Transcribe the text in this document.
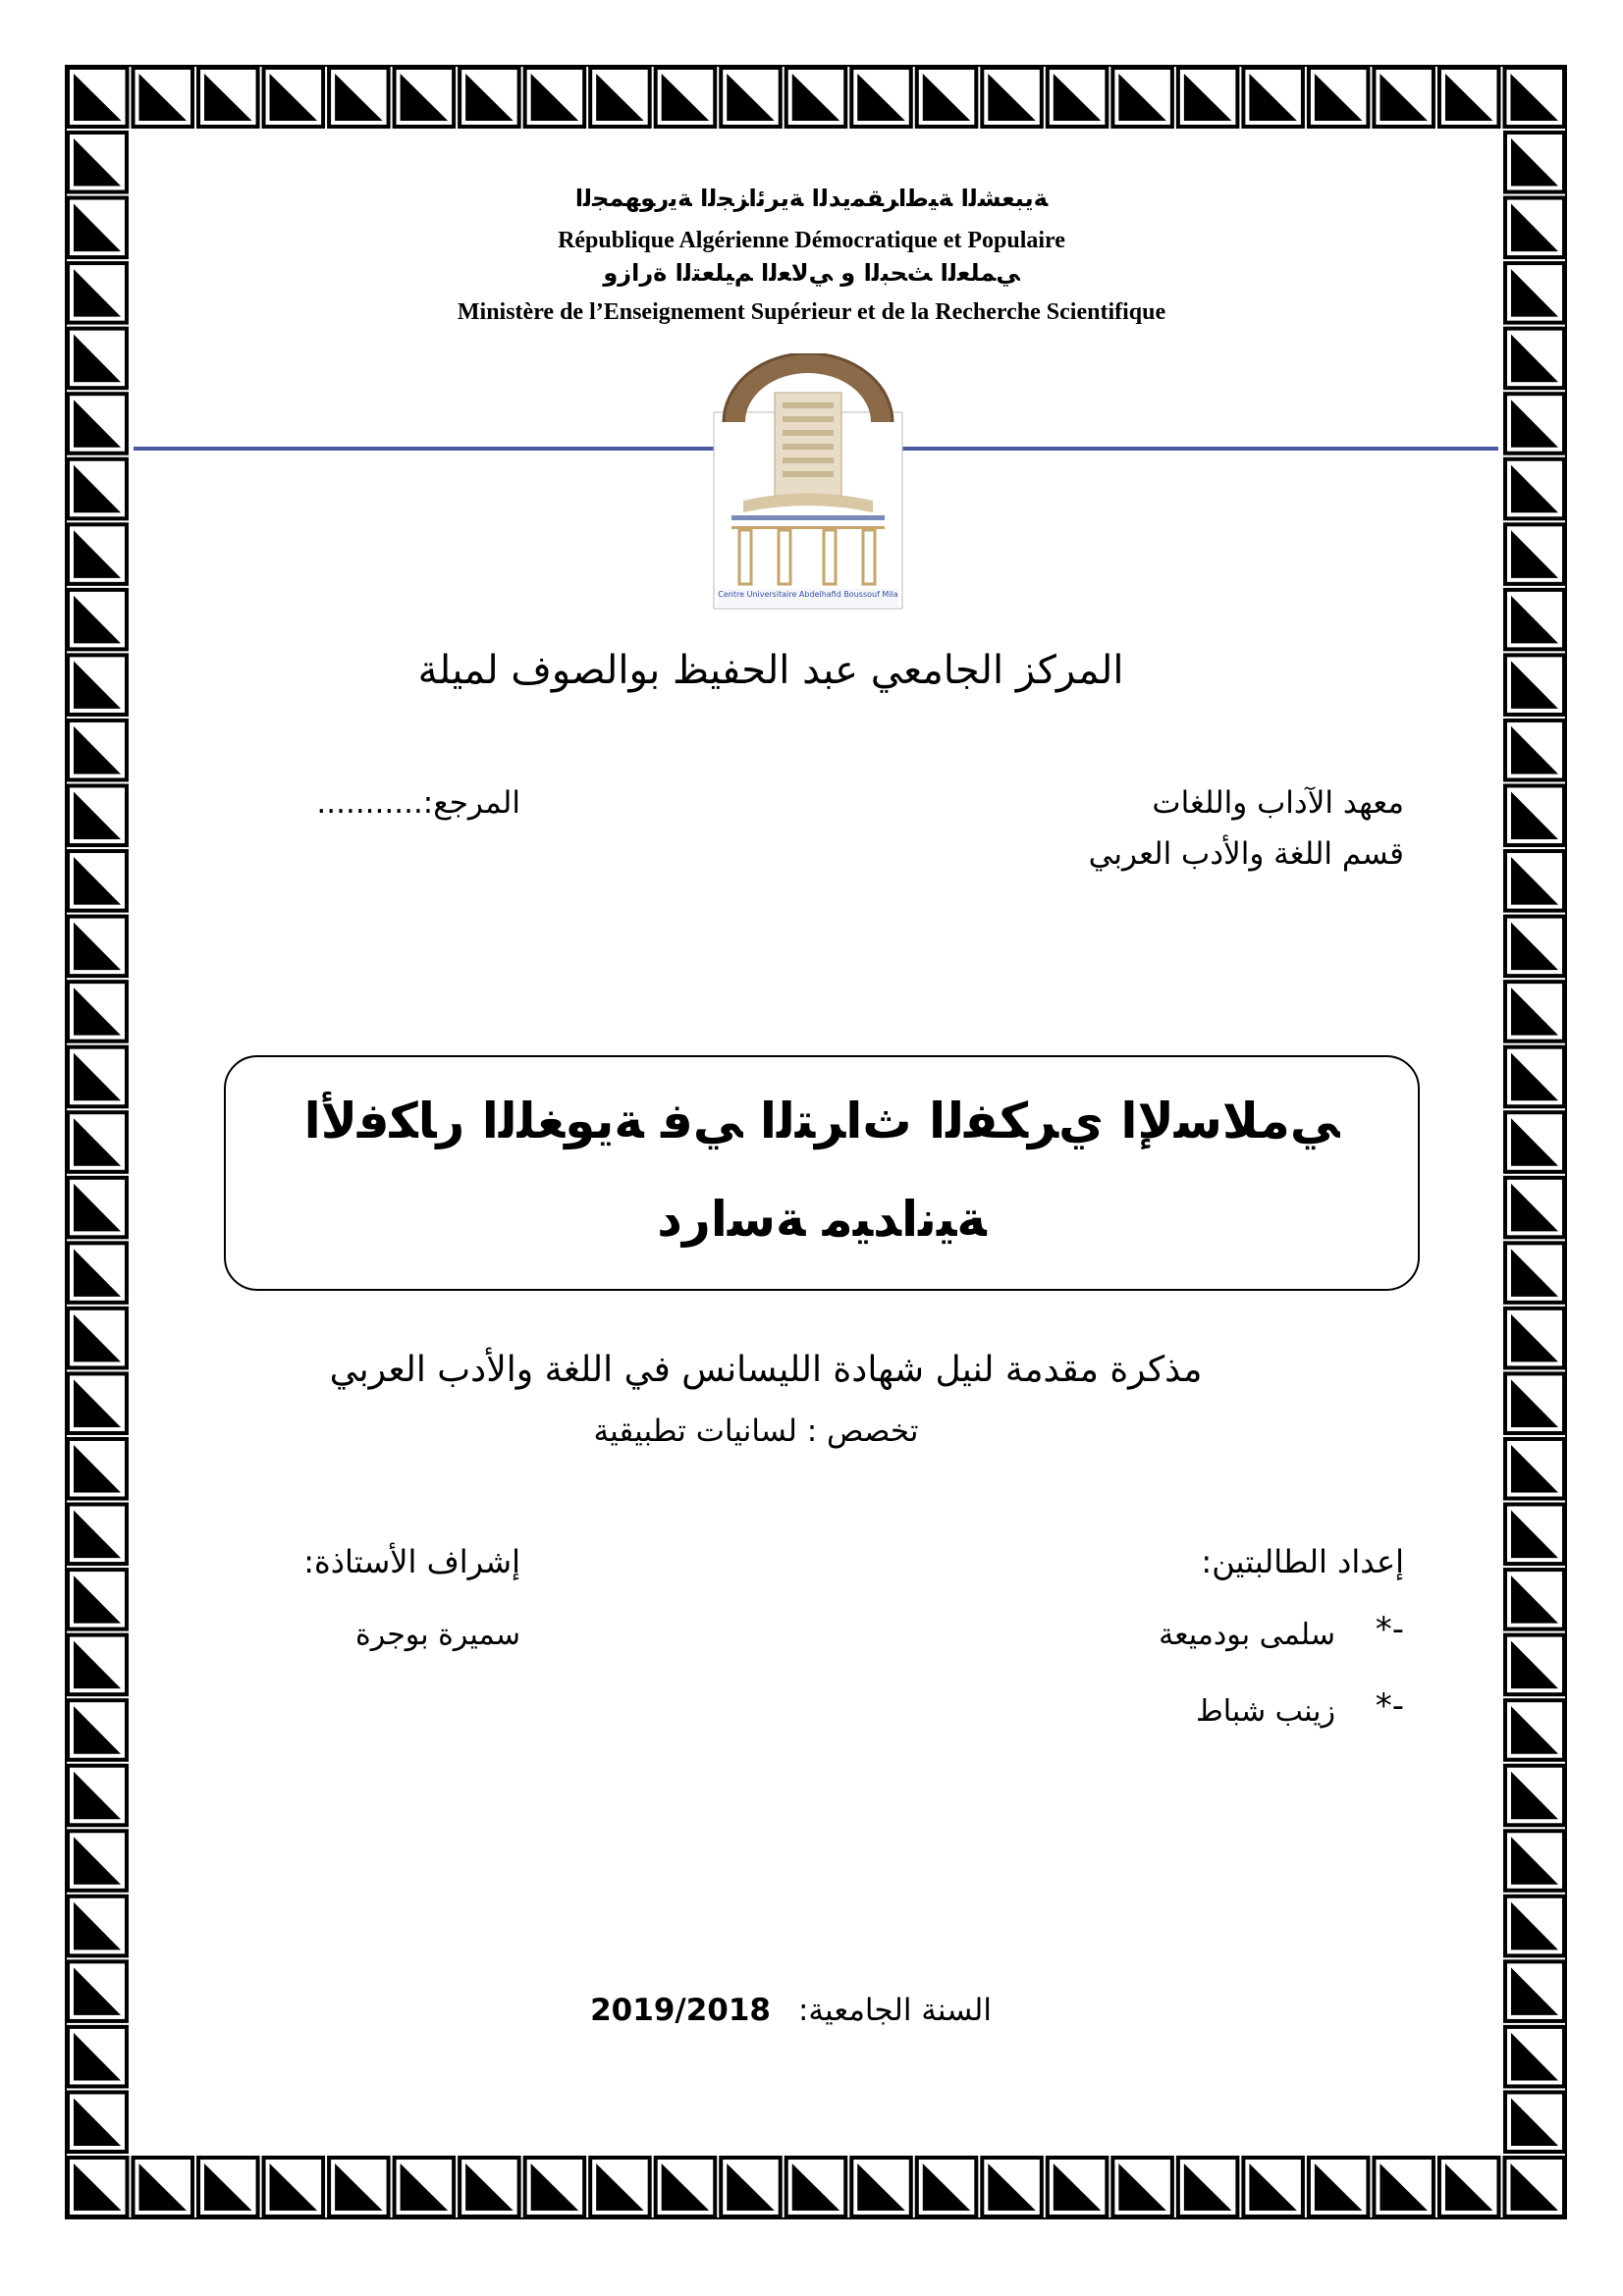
ﺔﻳﺒﻌﺸﻟﺍ ﺔﻴﻃﺍﺮﻘﻤﻳﺪﻟﺍ ﺔﻳﺮﺋﺍﺰﺠﻟﺍ ﺔﻳﺭﻮﻬﻤﺠﻟﺍ
République Algérienne Démocratique et Populaire
ﻲﻤﻠﻌﻟﺍ ﺚﺤﺒﻟﺍ ﻭ ﻲﻟﺎﻌﻟﺍ ﻢﻴﻠﻌﺘﻟﺍ ﺓﺭﺍﺯﻭ
Ministère de l’Enseignement Supérieur et de la Recherche Scientifique
Centre Universitaire Abdelhafid Boussouf Mila
المركز الجامعي عبد الحفيظ بوالصوف لميلة
معهد الآداب واللغات
المرجع:...........
قسم اللغة والأدب العربي
ﻲﻣﻼﺳﻹﺍ ﻱﺮﻜﻔﻟﺍ ﺙﺍﺮﺘﻟﺍ ﻲﻓ ﺔﻳﻮﻐﻠﻟﺍ ﺭﺎﻜﻓﻷﺍ
ﺔﻴﻧﺍﺪﻴﻣ ﺔﺳﺍﺭﺩ
مذكرة مقدمة لنيل شهادة الليسانس في اللغة والأدب العربي
تخصص : لسانيات تطبيقية
إشراف الأستاذة:	إعداد الطالبتين:
سميرة بوجرة	*-
سلمى بودميعة
*-
زينب شباط
السنة الجامعية:
2019/2018
